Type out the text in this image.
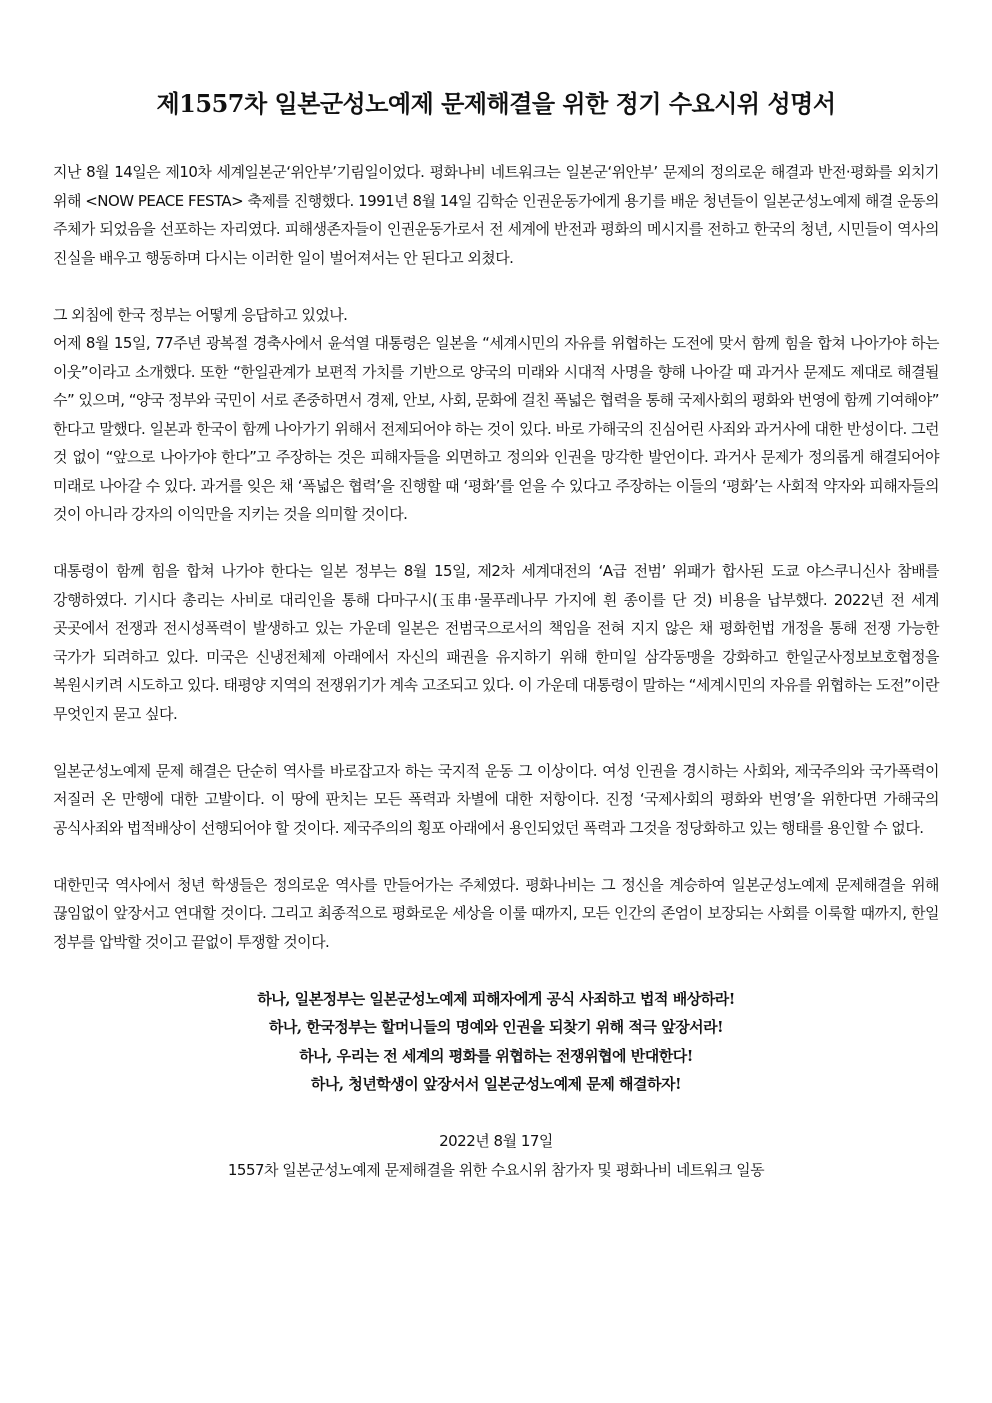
제1557차 일본군성노예제 문제해결을 위한 정기 수요시위 성명서

지난 8월 14일은 제10차 세계일본군‘위안부’기림일이었다. 평화나비 네트워크는 일본군‘위안부’ 문제의 정의로운 해결과 반전·평화를 외치기 위해 <NOW PEACE FESTA> 축제를 진행했다. 1991년 8월 14일 김학순 인권운동가에게 용기를 배운 청년들이 일본군성노예제 해결 운동의 주체가 되었음을 선포하는 자리였다. 피해생존자들이 인권운동가로서 전 세계에 반전과 평화의 메시지를 전하고 한국의 청년, 시민들이 역사의 진실을 배우고 행동하며 다시는 이러한 일이 벌어져서는 안 된다고 외쳤다.

그 외침에 한국 정부는 어떻게 응답하고 있었나.

어제 8월 15일, 77주년 광복절 경축사에서 윤석열 대통령은 일본을 “세계시민의 자유를 위협하는 도전에 맞서 함께 힘을 합쳐 나아가야 하는 이웃”이라고 소개했다. 또한 “한일관계가 보편적 가치를 기반으로 양국의 미래와 시대적 사명을 향해 나아갈 때 과거사 문제도 제대로 해결될 수” 있으며, “양국 정부와 국민이 서로 존중하면서 경제, 안보, 사회, 문화에 걸친 폭넓은 협력을 통해 국제사회의 평화와 번영에 함께 기여해야” 한다고 말했다. 일본과 한국이 함께 나아가기 위해서 전제되어야 하는 것이 있다. 바로 가해국의 진심어린 사죄와 과거사에 대한 반성이다. 그런 것 없이 “앞으로 나아가야 한다”고 주장하는 것은 피해자들을 외면하고 정의와 인권을 망각한 발언이다. 과거사 문제가 정의롭게 해결되어야 미래로 나아갈 수 있다. 과거를 잊은 채 ‘폭넓은 협력’을 진행할 때 ‘평화’를 얻을 수 있다고 주장하는 이들의 ‘평화’는 사회적 약자와 피해자들의 것이 아니라 강자의 이익만을 지키는 것을 의미할 것이다.

대통령이 함께 힘을 합쳐 나가야 한다는 일본 정부는 8월 15일, 제2차 세계대전의 ‘A급 전범’ 위패가 합사된 도쿄 야스쿠니신사 참배를 강행하였다. 기시다 총리는 사비로 대리인을 통해 다마구시(玉串·물푸레나무 가지에 흰 종이를 단 것) 비용을 납부했다. 2022년 전 세계 곳곳에서 전쟁과 전시성폭력이 발생하고 있는 가운데 일본은 전범국으로서의 책임을 전혀 지지 않은 채 평화헌법 개정을 통해 전쟁 가능한 국가가 되려하고 있다. 미국은 신냉전체제 아래에서 자신의 패권을 유지하기 위해 한미일 삼각동맹을 강화하고 한일군사정보보호협정을 복원시키려 시도하고 있다. 태평양 지역의 전쟁위기가 계속 고조되고 있다. 이 가운데 대통령이 말하는 “세계시민의 자유를 위협하는 도전”이란 무엇인지 묻고 싶다.

일본군성노예제 문제 해결은 단순히 역사를 바로잡고자 하는 국지적 운동 그 이상이다. 여성 인권을 경시하는 사회와, 제국주의와 국가폭력이 저질러 온 만행에 대한 고발이다. 이 땅에 판치는 모든 폭력과 차별에 대한 저항이다. 진정 ‘국제사회의 평화와 번영’을 위한다면 가해국의 공식사죄와 법적배상이 선행되어야 할 것이다. 제국주의의 횡포 아래에서 용인되었던 폭력과 그것을 정당화하고 있는 행태를 용인할 수 없다.

대한민국 역사에서 청년 학생들은 정의로운 역사를 만들어가는 주체였다. 평화나비는 그 정신을 계승하여 일본군성노예제 문제해결을 위해 끊임없이 앞장서고 연대할 것이다. 그리고 최종적으로 평화로운 세상을 이룰 때까지, 모든 인간의 존엄이 보장되는 사회를 이룩할 때까지, 한일 정부를 압박할 것이고 끝없이 투쟁할 것이다.

하나, 일본정부는 일본군성노예제 피해자에게 공식 사죄하고 법적 배상하라!
하나, 한국정부는 할머니들의 명예와 인권을 되찾기 위해 적극 앞장서라!
하나, 우리는 전 세계의 평화를 위협하는 전쟁위협에 반대한다!
하나, 청년학생이 앞장서서 일본군성노예제 문제 해결하자!
2022년 8월 17일
1557차 일본군성노예제 문제해결을 위한 수요시위 참가자 및 평화나비 네트워크 일동
